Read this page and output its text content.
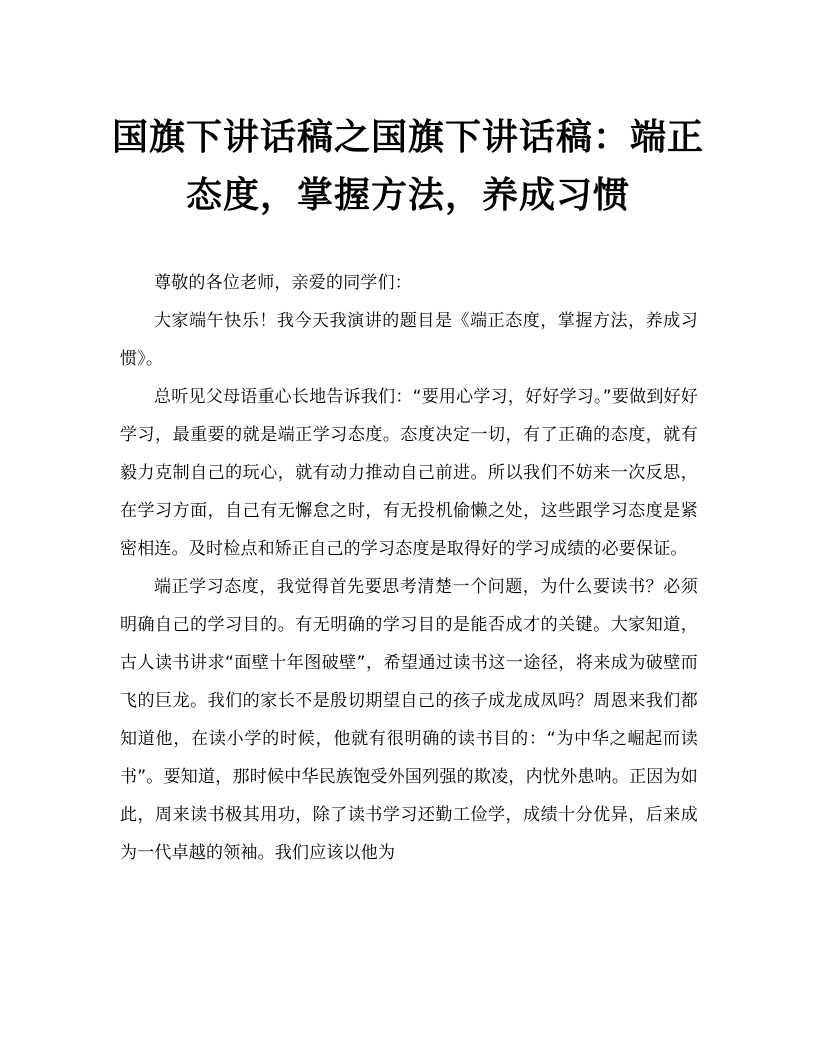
国旗下讲话稿之国旗下讲话稿：端正态度，掌握方法，养成习惯

尊敬的各位老师，亲爱的同学们：

大家端午快乐！我今天我演讲的题目是《端正态度，掌握方法，养成习惯》。

总听见父母语重心长地告诉我们：“要用心学习，好好学习。”要做到好好学习，最重要的就是端正学习态度。态度决定一切，有了正确的态度，就有毅力克制自己的玩心，就有动力推动自己前进。所以我们不妨来一次反思，在学习方面，自己有无懈怠之时，有无投机偷懒之处，这些跟学习态度是紧密相连。及时检点和矫正自己的学习态度是取得好的学习成绩的必要保证。

端正学习态度，我觉得首先要思考清楚一个问题，为什么要读书？必须明确自己的学习目的。有无明确的学习目的是能否成才的关键。大家知道，古人读书讲求“面壁十年图破壁”，希望通过读书这一途径，将来成为破壁而飞的巨龙。我们的家长不是殷切期望自己的孩子成龙成凤吗？周恩来我们都知道他，在读小学的时候，他就有很明确的读书目的：“为中华之崛起而读书”。要知道，那时候中华民族饱受外国列强的欺凌，内忧外患呐。正因为如此，周来读书极其用功，除了读书学习还勤工俭学，成绩十分优异，后来成为一代卓越的领袖。我们应该以他为
